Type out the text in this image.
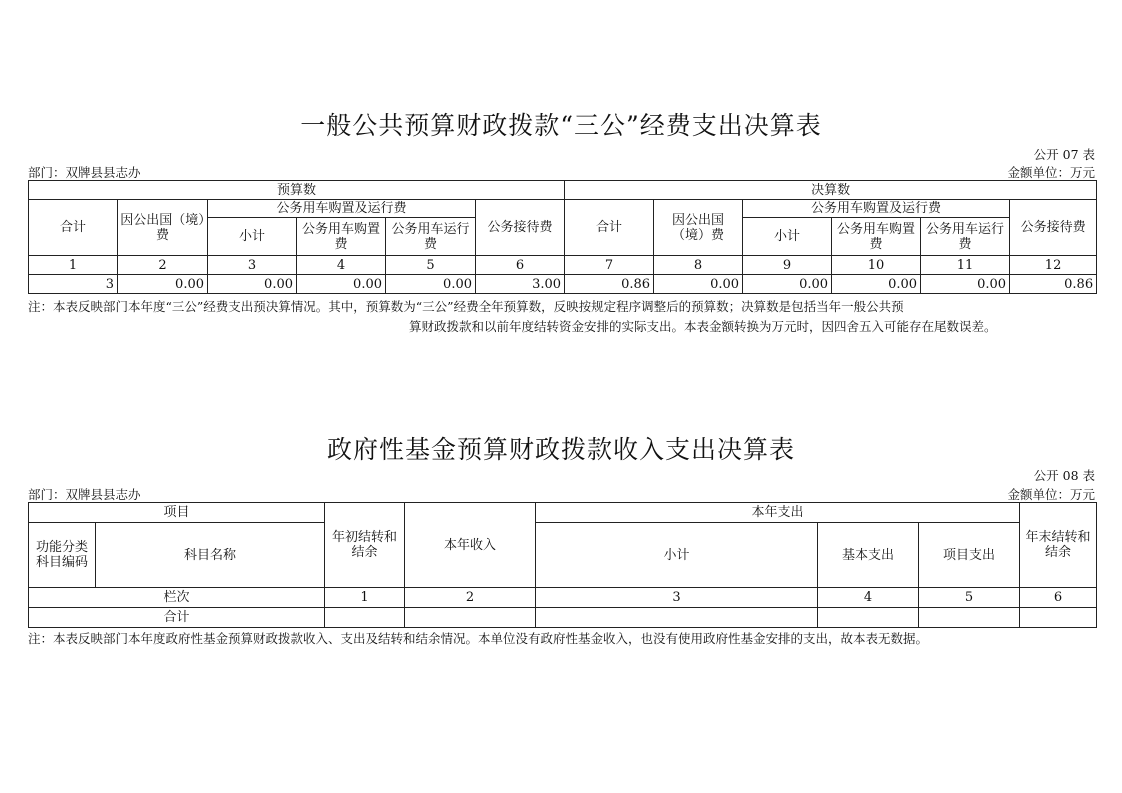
一般公共预算财政拨款“三公”经费支出决算表
公开 07 表
部门：双牌县县志办	金额单位：万元
预算数						决算数					
合计	因公出国（境）费	公务用车购置及运行费			公务接待费	合计	因公出国（境）费	公务用车购置及运行费			公务接待费
		小计	公务用车购置费	公务用车运行费				小计	公务用车购置费	公务用车运行费	
1	2	3	4	5	6	7	8	9	10	11	12
3	0.00	0.00	0.00	0.00	3.00	0.86	0.00	0.00	0.00	0.00	0.86
注：本表反映部门本年度“三公”经费支出预决算情况。其中，预算数为“三公”经费全年预算数，反映按规定程序调整后的预算数；决算数是包括当年一般公共预
算财政拨款和以前年度结转资金安排的实际支出。本表金额转换为万元时，因四舍五入可能存在尾数误差。
政府性基金预算财政拨款收入支出决算表
公开 08 表
部门：双牌县县志办	金额单位：万元
项目		年初结转和结余	本年收入	本年支出			年末结转和结余
功能分类科目编码	科目名称			小计	基本支出	项目支出	
栏次		1	2	3	4	5	6
合计							
注：本表反映部门本年度政府性基金预算财政拨款收入、支出及结转和结余情况。本单位没有政府性基金收入，也没有使用政府性基金安排的支出，故本表无数据。
